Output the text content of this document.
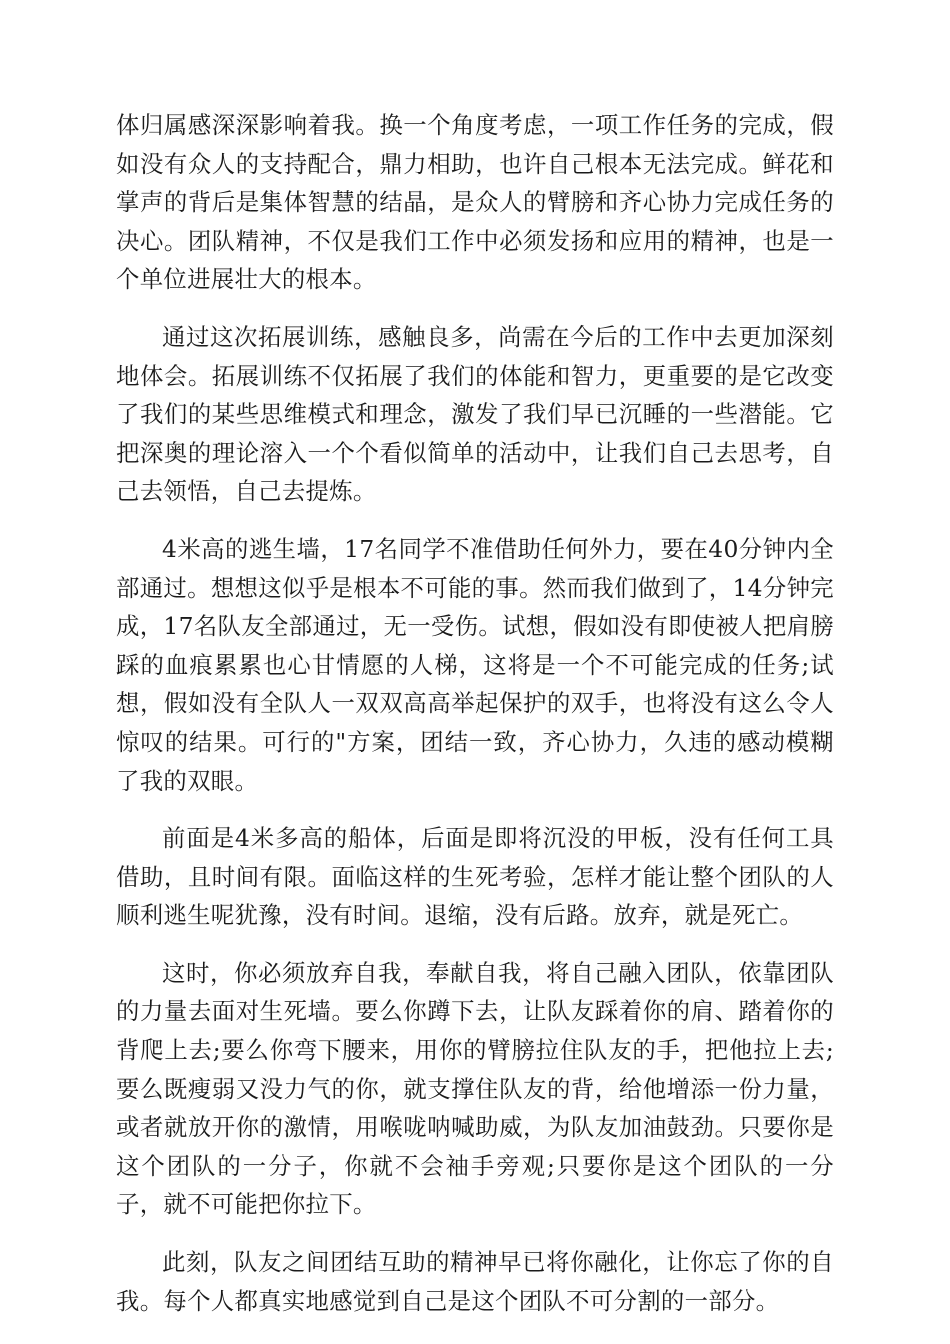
体归属感深深影响着我。换一个角度考虑，一项工作任务的完成，假如没有众人的支持配合，鼎力相助，也许自己根本无法完成。鲜花和掌声的背后是集体智慧的结晶，是众人的臂膀和齐心协力完成任务的决心。团队精神，不仅是我们工作中必须发扬和应用的精神，也是一个单位进展壮大的根本。

通过这次拓展训练，感触良多，尚需在今后的工作中去更加深刻地体会。拓展训练不仅拓展了我们的体能和智力，更重要的是它改变了我们的某些思维模式和理念，激发了我们早已沉睡的一些潜能。它把深奥的理论溶入一个个看似简单的活动中，让我们自己去思考，自己去领悟，自己去提炼。

4米高的逃生墙，17名同学不准借助任何外力，要在40分钟内全部通过。想想这似乎是根本不可能的事。然而我们做到了，14分钟完成，17名队友全部通过，无一受伤。试想，假如没有即使被人把肩膀踩的血痕累累也心甘情愿的人梯，这将是一个不可能完成的任务;试想，假如没有全队人一双双高高举起保护的双手，也将没有这么令人惊叹的结果。可行的"方案，团结一致，齐心协力，久违的感动模糊了我的双眼。

前面是4米多高的船体，后面是即将沉没的甲板，没有任何工具借助，且时间有限。面临这样的生死考验，怎样才能让整个团队的人顺利逃生呢犹豫，没有时间。退缩，没有后路。放弃，就是死亡。

这时，你必须放弃自我，奉献自我，将自己融入团队，依靠团队的力量去面对生死墙。要么你蹲下去，让队友踩着你的肩、踏着你的背爬上去;要么你弯下腰来，用你的臂膀拉住队友的手，把他拉上去;要么既瘦弱又没力气的你，就支撑住队友的背，给他增添一份力量，或者就放开你的激情，用喉咙呐喊助威，为队友加油鼓劲。只要你是这个团队的一分子，你就不会袖手旁观;只要你是这个团队的一分子，就不可能把你拉下。

此刻，队友之间团结互助的精神早已将你融化，让你忘了你的自我。每个人都真实地感觉到自己是这个团队不可分割的一部分。
